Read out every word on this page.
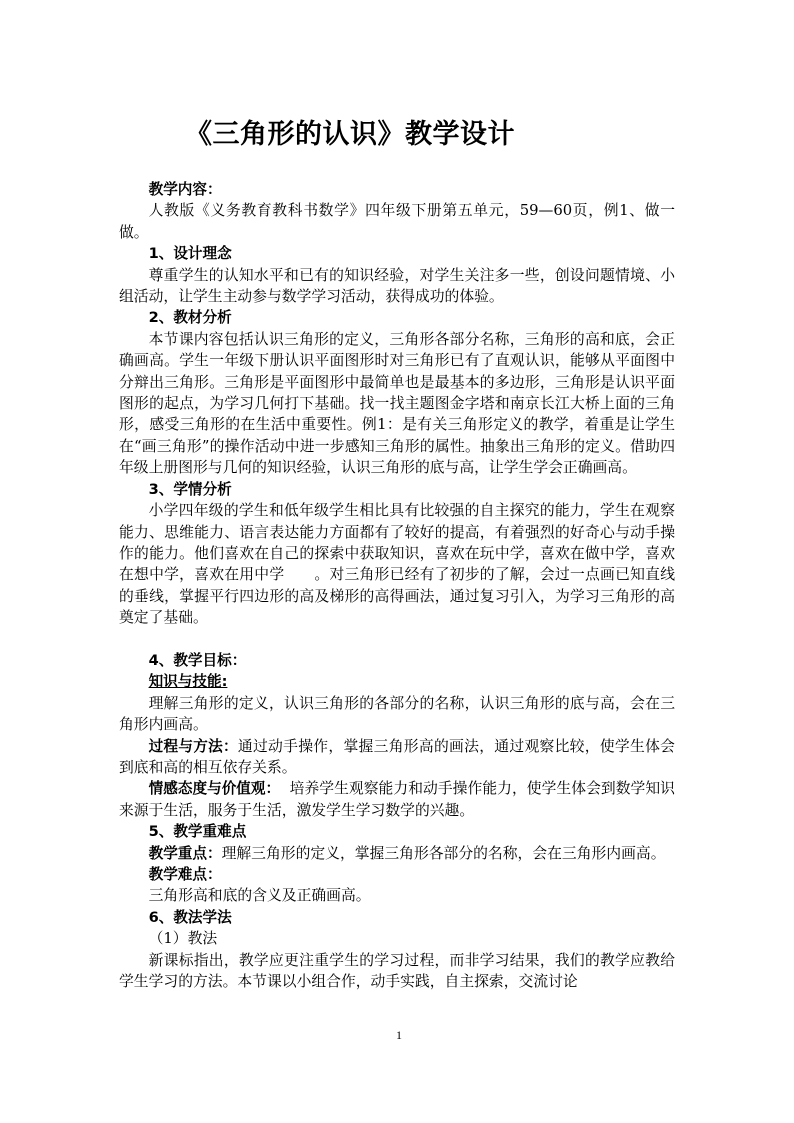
《三角形的认识》教学设计

教学内容：

人教版《义务教育教科书数学》四年级下册第五单元，59—60页，例1、做一做。

1、设计理念

尊重学生的认知水平和已有的知识经验，对学生关注多一些，创设问题情境、小组活动，让学生主动参与数学学习活动，获得成功的体验。

2、教材分析

本节课内容包括认识三角形的定义，三角形各部分名称，三角形的高和底，会正确画高。学生一年级下册认识平面图形时对三角形已有了直观认识，能够从平面图中分辩出三角形。三角形是平面图形中最简单也是最基本的多边形，三角形是认识平面图形的起点，为学习几何打下基础。找一找主题图金字塔和南京长江大桥上面的三角形，感受三角形的在生活中重要性。例1：是有关三角形定义的教学，着重是让学生在“画三角形”的操作活动中进一步感知三角形的属性。抽象出三角形的定义。借助四年级上册图形与几何的知识经验，认识三角形的底与高，让学生学会正确画高。

3、学情分析

小学四年级的学生和低年级学生相比具有比较强的自主探究的能力，学生在观察能力、思维能力、语言表达能力方面都有了较好的提高，有着强烈的好奇心与动手操作的能力。他们喜欢在自己的探索中获取知识，喜欢在玩中学，喜欢在做中学，喜欢在想中学，喜欢在用中学　　。对三角形已经有了初步的了解，会过一点画已知直线的垂线，掌握平行四边形的高及梯形的高得画法，通过复习引入，为学习三角形的高奠定了基础。

4、教学目标：

知识与技能:

理解三角形的定义，认识三角形的各部分的名称，认识三角形的底与高，会在三角形内画高。

过程与方法：通过动手操作，掌握三角形高的画法，通过观察比较，使学生体会到底和高的相互依存关系。

情感态度与价值观：  培养学生观察能力和动手操作能力，使学生体会到数学知识来源于生活，服务于生活，激发学生学习数学的兴趣。

5、教学重难点

教学重点：理解三角形的定义，掌握三角形各部分的名称，会在三角形内画高。

教学难点：

三角形高和底的含义及正确画高。

6、教法学法

（1）教法

新课标指出，教学应更注重学生的学习过程，而非学习结果，我们的教学应教给学生学习的方法。本节课以小组合作，动手实践，自主探索，交流讨论

1
